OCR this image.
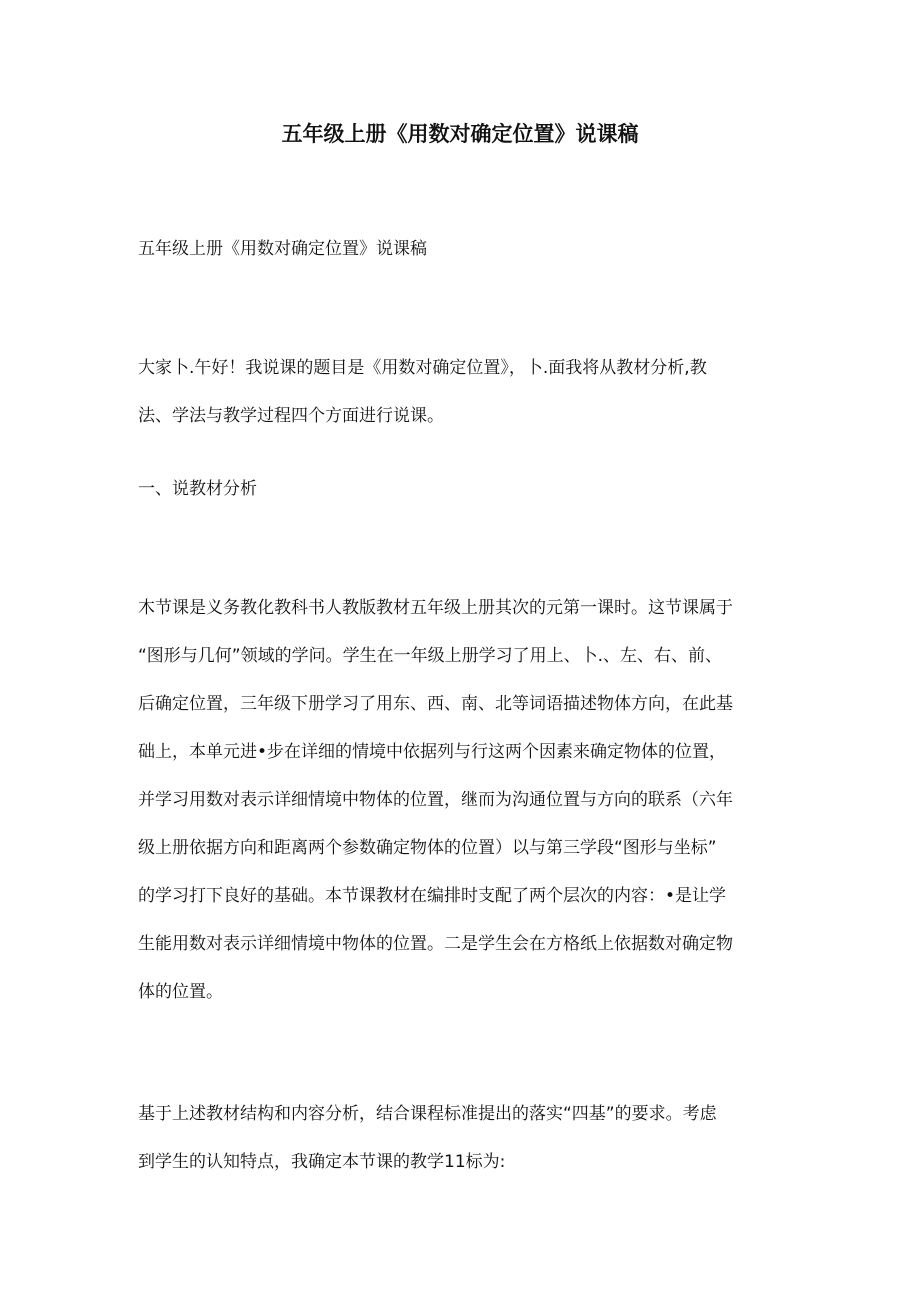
五年级上册《用数对确定位置》说课稿
五年级上册《用数对确定位置》说课稿
大家卜.午好！我说课的题目是《用数对确定位置》，卜.面我将从教材分析,教
法、学法与教学过程四个方面进行说课。
一、说教材分析
木节课是义务教化教科书人教版教材五年级上册其次的元第一课时。这节课属于
“图形与几何”领域的学问。学生在一年级上册学习了用上、卜.、左、右、前、
后确定位置，三年级下册学习了用东、西、南、北等词语描述物体方向，在此基
础上，本单元进•步在详细的情境中依据列与行这两个因素来确定物体的位置，
并学习用数对表示详细情境中物体的位置，继而为沟通位置与方向的联系（六年
级上册依据方向和距离两个参数确定物体的位置）以与第三学段“图形与坐标”
的学习打下良好的基础。本节课教材在编排时支配了两个层次的内容：•是让学
生能用数对表示详细情境中物体的位置。二是学生会在方格纸上依据数对确定物
体的位置。
基于上述教材结构和内容分析，结合课程标准提出的落实“四基”的要求。考虑
到学生的认知特点，我确定本节课的教学11标为:
